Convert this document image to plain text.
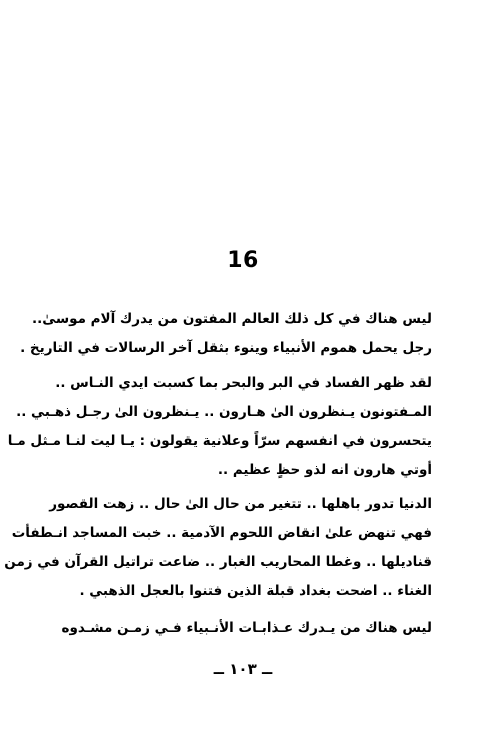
16
ليس هناك في كل ذلك العالم المفتون من يدرك آلام موسىٰ..
رجل يحمل هموم الأنبياء وينوء بثقل آخر الرسالات في التاريخ .
لقد ظهر الفساد في البر والبحر بما كسبت ايدي النـاس ..
المـفتونون يـنظرون الىٰ هـارون .. يـنظرون الىٰ رجـل ذهـبي ..
يتحسرون في انفسهم سرّاً وعلانية يقولون : يـا ليت لنـا مـثل مـا
أوتي هارون انه لذو حظٍ عظيم ..
الدنيا تدور باهلها .. تتغير من حال الىٰ حال .. زهت القصور
فهي تنهض علىٰ انقاض اللحوم الآدمية .. خبت المساجد انـطفأت
قناديلها .. وغطا المحاريب الغبار .. ضاعت تراتيل القرآن في زمن
الغناء .. اضحت بغداد قبلة الذين فتنوا بالعجل الذهبي .
ليس هناك من يـدرك عـذابـات الأنـبياء فـي زمـن مشـدوه
ــ ١٠٣ ــ
